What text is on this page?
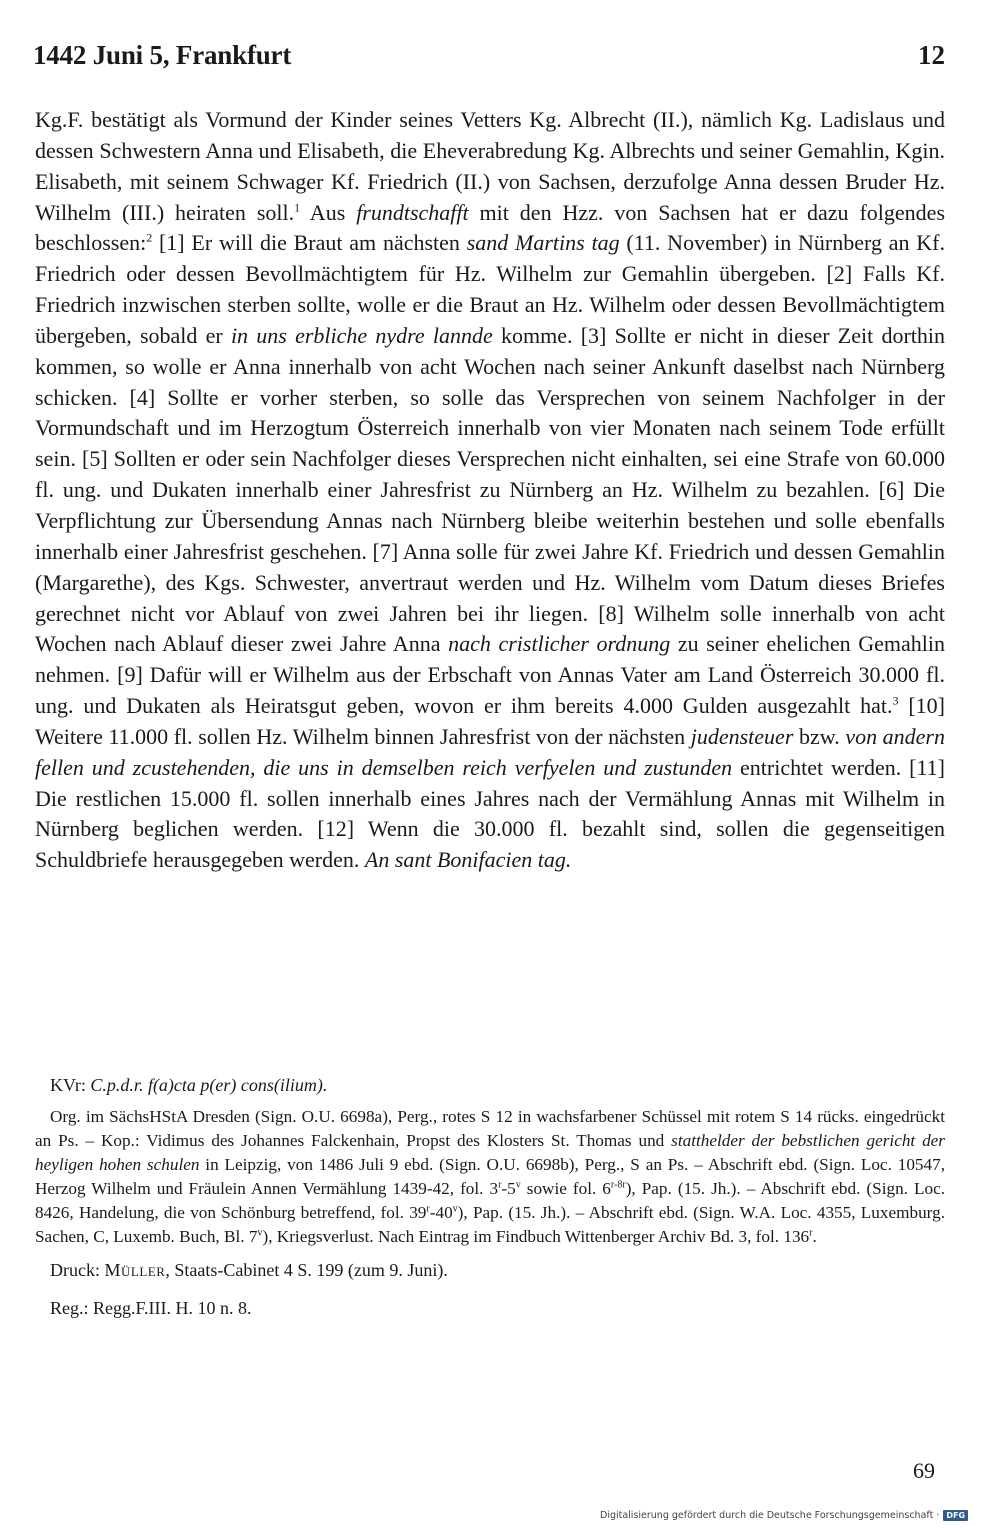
1442 Juni 5, Frankfurt	12

Kg.F. bestätigt als Vormund der Kinder seines Vetters Kg. Albrecht (II.), nämlich Kg. Ladislaus und dessen Schwestern Anna und Elisabeth, die Eheverabredung Kg. Albrechts und seiner Gemahlin, Kgin. Elisabeth, mit seinem Schwager Kf. Friedrich (II.) von Sachsen, derzufolge Anna dessen Bruder Hz. Wilhelm (III.) heiraten soll.$^1$ Aus frundtschafft mit den Hzz. von Sachsen hat er dazu folgendes beschlossen:$^2$ [1] Er will die Braut am nächsten sand Martins tag (11. November) in Nürnberg an Kf. Friedrich oder dessen Bevollmächtigtem für Hz. Wilhelm zur Gemahlin übergeben. [2] Falls Kf. Friedrich inzwischen sterben sollte, wolle er die Braut an Hz. Wilhelm oder dessen Bevollmächtigtem übergeben, sobald er in uns erbliche nydre lannde komme. [3] Sollte er nicht in dieser Zeit dorthin kommen, so wolle er Anna innerhalb von acht Wochen nach seiner Ankunft daselbst nach Nürnberg schicken. [4] Sollte er vorher sterben, so solle das Versprechen von seinem Nachfolger in der Vormundschaft und im Herzogtum Österreich innerhalb von vier Monaten nach seinem Tode erfüllt sein. [5] Sollten er oder sein Nachfolger dieses Versprechen nicht einhalten, sei eine Strafe von 60.000 fl. ung. und Dukaten innerhalb einer Jahresfrist zu Nürnberg an Hz. Wilhelm zu bezahlen. [6] Die Verpflichtung zur Übersendung Annas nach Nürnberg bleibe weiterhin bestehen und solle ebenfalls innerhalb einer Jahresfrist geschehen. [7] Anna solle für zwei Jahre Kf. Friedrich und dessen Gemahlin (Margarethe), des Kgs. Schwester, anvertraut werden und Hz. Wilhelm vom Datum dieses Briefes gerechnet nicht vor Ablauf von zwei Jahren bei ihr liegen. [8] Wilhelm solle innerhalb von acht Wochen nach Ablauf dieser zwei Jahre Anna nach cristlicher ordnung zu seiner ehelichen Gemahlin nehmen. [9] Dafür will er Wilhelm aus der Erbschaft von Annas Vater am Land Österreich 30.000 fl. ung. und Dukaten als Heiratsgut geben, wovon er ihm bereits 4.000 Gulden ausgezahlt hat.$^3$ [10] Weitere 11.000 fl. sollen Hz. Wilhelm binnen Jahresfrist von der nächsten judensteuer bzw. von andern fellen und zcustehenden, die uns in demselben reich verfyelen und zustunden entrichtet werden. [11] Die restlichen 15.000 fl. sollen innerhalb eines Jahres nach der Vermählung Annas mit Wilhelm in Nürnberg beglichen werden. [12] Wenn die 30.000 fl. bezahlt sind, sollen die gegenseitigen Schuldbriefe herausgegeben werden. An sant Bonifacien tag.

KVr: C.p.d.r. f(a)cta p(er) cons(ilium).

Org. im SächsHStA Dresden (Sign. O.U. 6698a), Perg., rotes S 12 in wachsfarbener Schüssel mit rotem S 14 rücks. eingedrückt an Ps. – Kop.: Vidimus des Johannes Falckenhain, Propst des Klosters St. Thomas und statthelder der bebstlichen gericht der heyligen hohen schulen in Leipzig, von 1486 Juli 9 ebd. (Sign. O.U. 6698b), Perg., S an Ps. – Abschrift ebd. (Sign. Loc. 10547, Herzog Wilhelm und Fräulein Annen Vermählung 1439-42, fol. 3$^r$-5$^v$ sowie fol. $6^{r-8r}$), Pap. (15. Jh.). – Abschrift ebd. (Sign. Loc. 8426, Handelung, die von Schönburg betreffend, fol. 39$^r$-40$^v$), Pap. (15. Jh.). – Abschrift ebd. (Sign. W.A. Loc. 4355, Luxemburg. Sachen, C, Luxemb. Buch, Bl. 7$^v$), Kriegsverlust. Nach Eintrag im Findbuch Wittenberger Archiv Bd. 3, fol. 136$^r$.

Druck: Müller, Staats-Cabinet 4 S. 199 (zum 9. Juni).

Reg.: Regg.F.III. H. 10 n. 8.

69
Digitalisierung gefördert durch die Deutsche Forschungsgemeinschaft · DFG
